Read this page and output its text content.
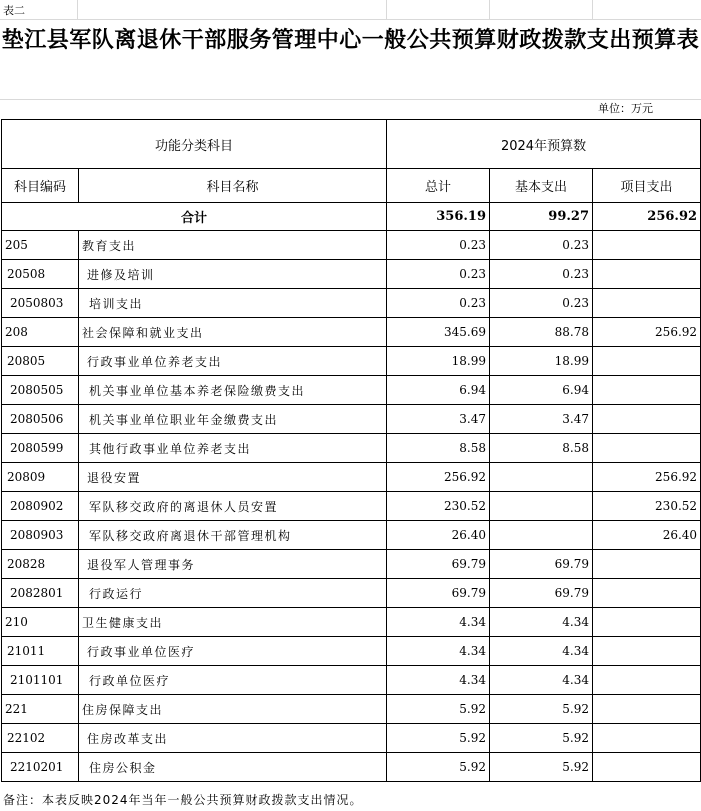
表二
垫江县军队离退休干部服务管理中心一般公共预算财政拨款支出预算表
单位：万元
功能分类科目		2024年预算数		
科目编码	科目名称	总计	基本支出	项目支出
合计		356.19	99.27	256.92
205	教育支出	0.23	0.23	
20508	进修及培训	0.23	0.23	
2050803	培训支出	0.23	0.23	
208	社会保障和就业支出	345.69	88.78	256.92
20805	行政事业单位养老支出	18.99	18.99	
2080505	机关事业单位基本养老保险缴费支出	6.94	6.94	
2080506	机关事业单位职业年金缴费支出	3.47	3.47	
2080599	其他行政事业单位养老支出	8.58	8.58	
20809	退役安置	256.92		256.92
2080902	军队移交政府的离退休人员安置	230.52		230.52
2080903	军队移交政府离退休干部管理机构	26.40		26.40
20828	退役军人管理事务	69.79	69.79	
2082801	行政运行	69.79	69.79	
210	卫生健康支出	4.34	4.34	
21011	行政事业单位医疗	4.34	4.34	
2101101	行政单位医疗	4.34	4.34	
221	住房保障支出	5.92	5.92	
22102	住房改革支出	5.92	5.92	
2210201	住房公积金	5.92	5.92	
备注：本表反映2024年当年一般公共预算财政拨款支出情况。
